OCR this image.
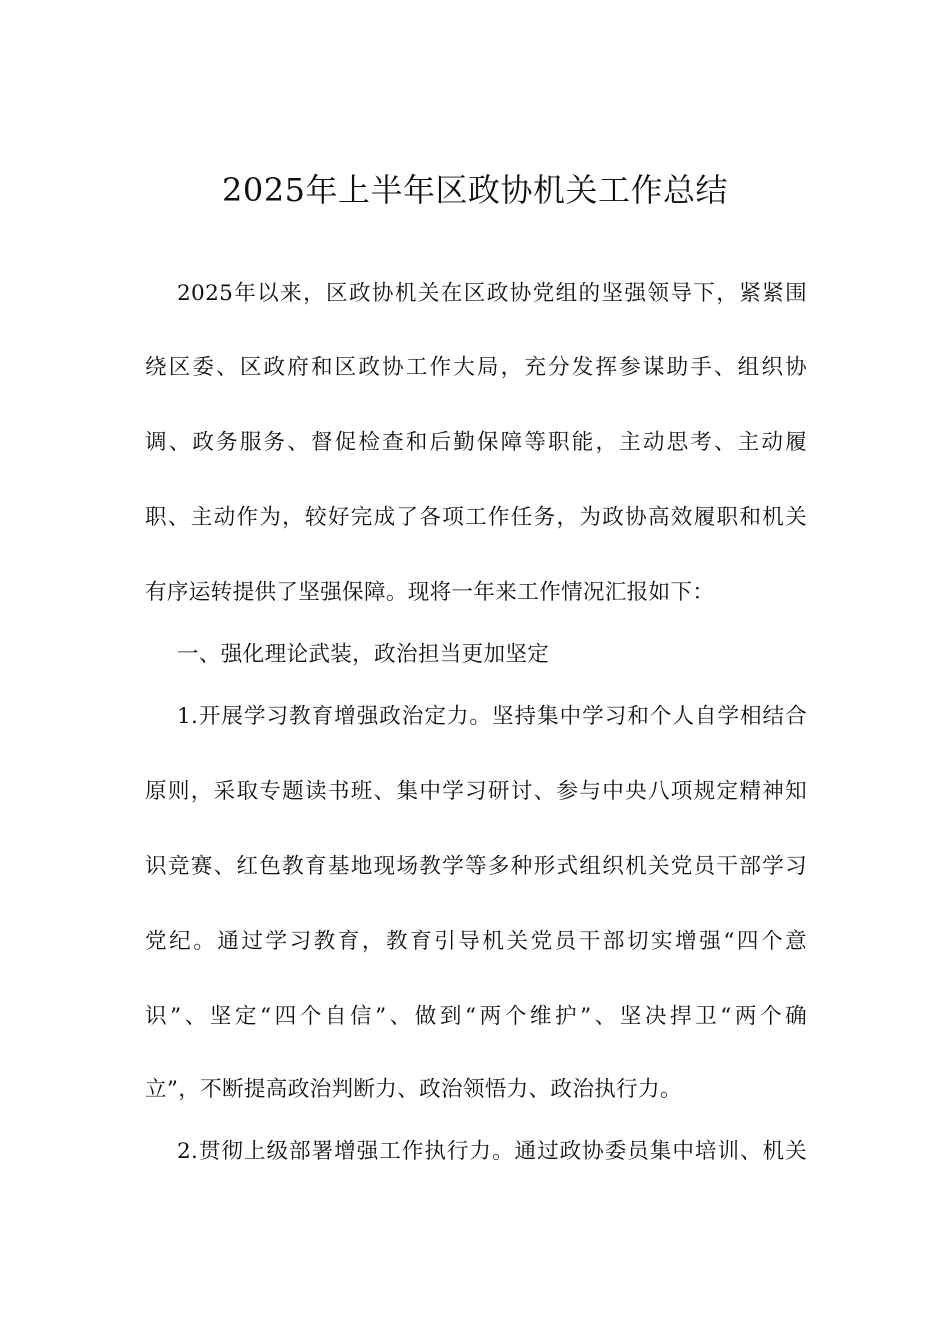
2025年上半年区政协机关工作总结
2025年以来，区政协机关在区政协党组的坚强领导下，紧紧围
绕区委、区政府和区政协工作大局，充分发挥参谋助手、组织协
调、政务服务、督促检查和后勤保障等职能，主动思考、主动履
职、主动作为，较好完成了各项工作任务，为政协高效履职和机关
有序运转提供了坚强保障。现将一年来工作情况汇报如下：
一、强化理论武装，政治担当更加坚定
1.开展学习教育增强政治定力。坚持集中学习和个人自学相结合
原则，采取专题读书班、集中学习研讨、参与中央八项规定精神知
识竞赛、红色教育基地现场教学等多种形式组织机关党员干部学习
党纪。通过学习教育，教育引导机关党员干部切实增强“四个意
识”、坚定“四个自信”、做到“两个维护”、坚决捍卫“两个确
立”，不断提高政治判断力、政治领悟力、政治执行力。
2.贯彻上级部署增强工作执行力。通过政协委员集中培训、机关
